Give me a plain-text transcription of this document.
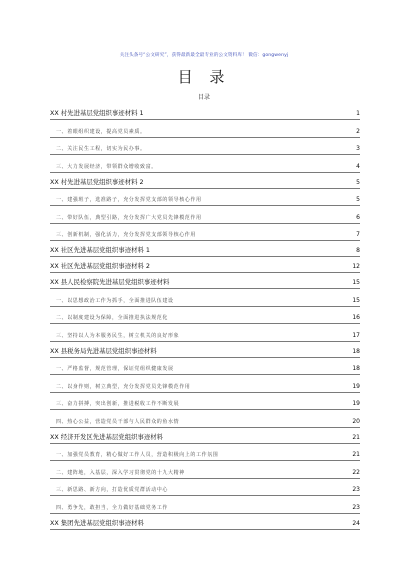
关注头条号“公文研究”，获得最新最全最专业的公文资料库！ 微信：gongwenyj
目 录
目录
XX 村先进基层党组织事迹材料 1	1
一、着眼组织建设，提高党员素质。	2
二、关注民生工程，切实为民办事。	3
三、大力发展经济，带领群众增收致富。	4
XX 村先进基层党组织事迹材料 2	5
一、建强班子，选准路子，充分发挥党支部的领导核心作用	5
二、带好队伍，典型引路，充分发挥广大党员先锋模范作用	6
三、创新机制，强化活力，充分发挥党支部领导核心作用	7
XX 社区先进基层党组织事迹材料 1	8
XX 社区先进基层党组织事迹材料 2	12
XX 县人民检察院先进基层党组织事迹材料	15
一、以思想政治工作为抓手，全面推进队伍建设	15
二、以制度建设为保障，全面推进执法规范化	16
三、坚持以人为本服务民生，树立机关的良好形象	17
XX 县税务局先进基层党组织事迹材料	18
一、严格监督，规范管理，保证党组织健康发展	18
二、以身作则，树立典型，充分发挥党员先锋模范作用	19
三、奋力拼搏，突出创新，推进税收工作不断发展	19
四、热心公益，营造党员干部与人民群众的鱼水情	20
XX 经济开发区先进基层党组织事迹材料	21
一、加强党员教育，精心做好工作人员，营造积极向上的工作氛围	21
二、建阵地，入基层，深入学习贯彻党的十九大精神	22
三、新思路、新方向，打造优质党群活动中心	23
四、勇争先，敢担当，全力做好基础党务工作	23
XX 集团先进基层党组织事迹材料	24
